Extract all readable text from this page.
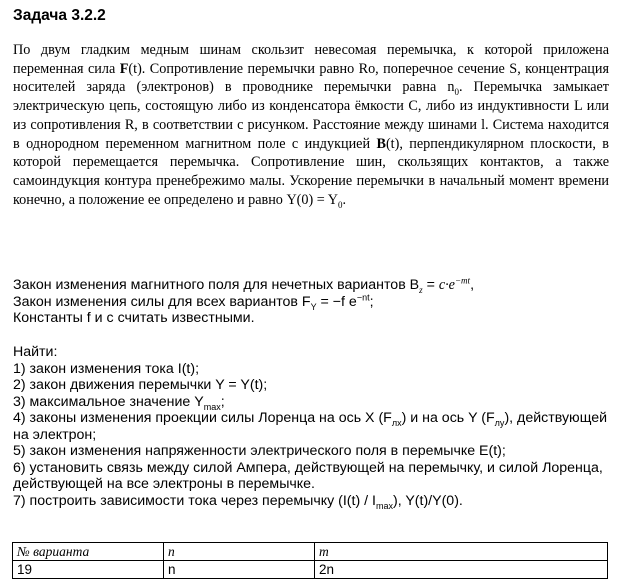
Задача 3.2.2

По двум гладким медным шинам скользит невесомая перемычка, к которой приложена переменная сила F(t). Сопротивление перемычки равно Ro, поперечное сечение S, концентрация носителей заряда (электронов) в проводнике перемычки равна $n_0$. Перемычка замыкает электрическую цепь, состоящую либо из конденсатора ёмкости C, либо из индуктивности L или из сопротивления R, в соответствии с рисунком. Расстояние между шинами l. Система находится в однородном переменном магнитном поле с индукцией B(t), перпендикулярном плоскости, в которой перемещается перемычка. Сопротивление шин, скользящих контактов, а также самоиндукция контура пренебрежимо малы. Ускорение перемычки в начальный момент времени конечно, а положение ее определено и равно $Y(0) = Y_0$.

Закон изменения магнитного поля для нечетных вариантов $B_z = c\cdot e^{-mt}$,
Закон изменения силы для всех вариантов $F_Y = -f$ $e^{-nt}$;
Константы f и c считать известными.
Найти:
1) закон изменения тока I(t);
2) закон движения перемычки Y = Y(t);
3) максимальное значение $Y_{max}$;
4) законы изменения проекции силы Лоренца на ось X $(F_{лх})$ и на ось Y $(F_{лу})$, действующей на электрон;
5) закон изменения напряженности электрического поля в перемычке E(t);
6) установить связь между силой Ампера, действующей на перемычку, и силой Лоренца, действующей на все электроны в перемычке.
7) построить зависимости тока через перемычку $(I(t) / I_{max})$, Y(t)/Y(0).
№ варианта	n	m
19	n	2n
